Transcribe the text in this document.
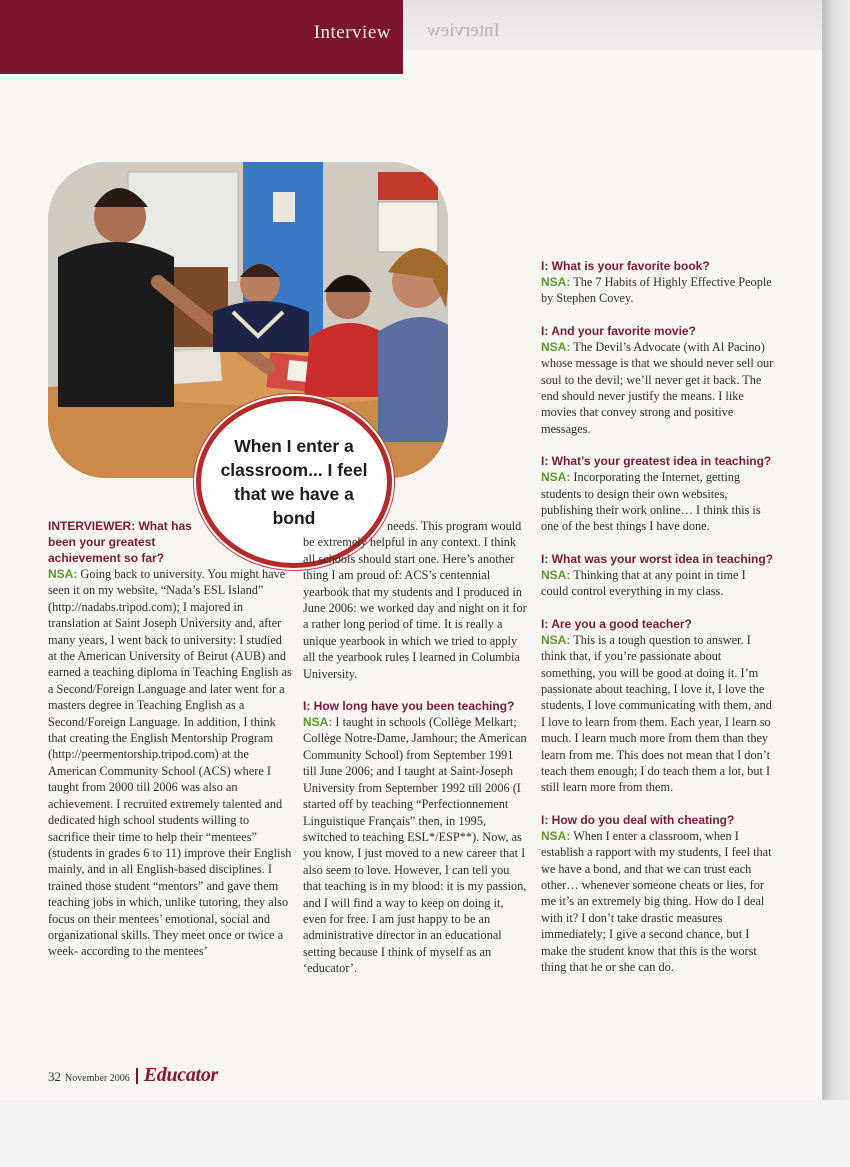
Interview Interview
When I enter a classroom... I feel that we have a bond

INTERVIEWER: What has been your greatest achievement so far?

NSA: Going back to university. You might have seen it on my website, “Nada’s ESL Island” (http://nadabs.tripod.com); I majored in translation at Saint Joseph University and, after many years, I went back to university: I studied at the American University of Beirut (AUB) and earned a teaching diploma in Teaching English as a Second/Foreign Language and later went for a masters degree in Teaching English as a Second/Foreign Language. In addition, I think that creating the English Mentorship Program (http://peermentorship.tripod.com) at the American Community School (ACS) where I taught from 2000 till 2006 was also an achievement. I recruited extremely talented and dedicated high school students willing to sacrifice their time to help their “mentees” (students in grades 6 to 11) improve their English mainly, and in all English-based disciplines. I trained those student “mentors” and gave them teaching jobs in which, unlike tutoring, they also focus on their mentees’ emotional, social and organizational skills. They meet once or twice a week- according to the mentees’

needs. This program would be extremely helpful in any context. I think all schools should start one. Here’s another thing I am proud of: ACS’s centennial yearbook that my students and I produced in June 2006: we worked day and night on it for a rather long period of time. It is really a unique yearbook in which we tried to apply all the yearbook rules I learned in Columbia University.

I: How long have you been teaching?

NSA: I taught in schools (Collège Melkart; Collège Notre-Dame, Jamhour; the American Community School) from September 1991 till June 2006; and I taught at Saint-Joseph University from September 1992 till 2006 (I started off by teaching “Perfectionnement Linguistique Français” then, in 1995, switched to teaching ESL*/ESP**). Now, as you know, I just moved to a new career that I also seem to love. However, I can tell you that teaching is in my blood: it is my passion, and I will find a way to keep on doing it, even for free. I am just happy to be an administrative director in an educational setting because I think of myself as an ‘educator’.

I: What is your favorite book?

NSA: The 7 Habits of Highly Effective People by Stephen Covey.

I: And your favorite movie?

NSA: The Devil’s Advocate (with Al Pacino) whose message is that we should never sell our soul to the devil; we’ll never get it back. The end should never justify the means. I like movies that convey strong and positive messages.

I: What’s your greatest idea in teaching?

NSA: Incorporating the Internet, getting students to design their own websites, publishing their work online… I think this is one of the best things I have done.

I: What was your worst idea in teaching?

NSA: Thinking that at any point in time I could control everything in my class.

I: Are you a good teacher?

NSA: This is a tough question to answer. I think that, if you’re passionate about something, you will be good at doing it. I’m passionate about teaching, I love it, I love the students, I love communicating with them, and I love to learn from them. Each year, I learn so much. I learn much more from them than they learn from me. This does not mean that I don’t teach them enough; I do teach them a lot, but I still learn more from them.

I: How do you deal with cheating?

NSA: When I enter a classroom, when I establish a rapport with my students, I feel that we have a bond, and that we can trust each other… whenever someone cheats or lies, for me it’s an extremely big thing. How do I deal with it? I don’t take drastic measures immediately; I give a second chance, but I make the student know that this is the worst thing that he or she can do.

32 November 2006 Educator
